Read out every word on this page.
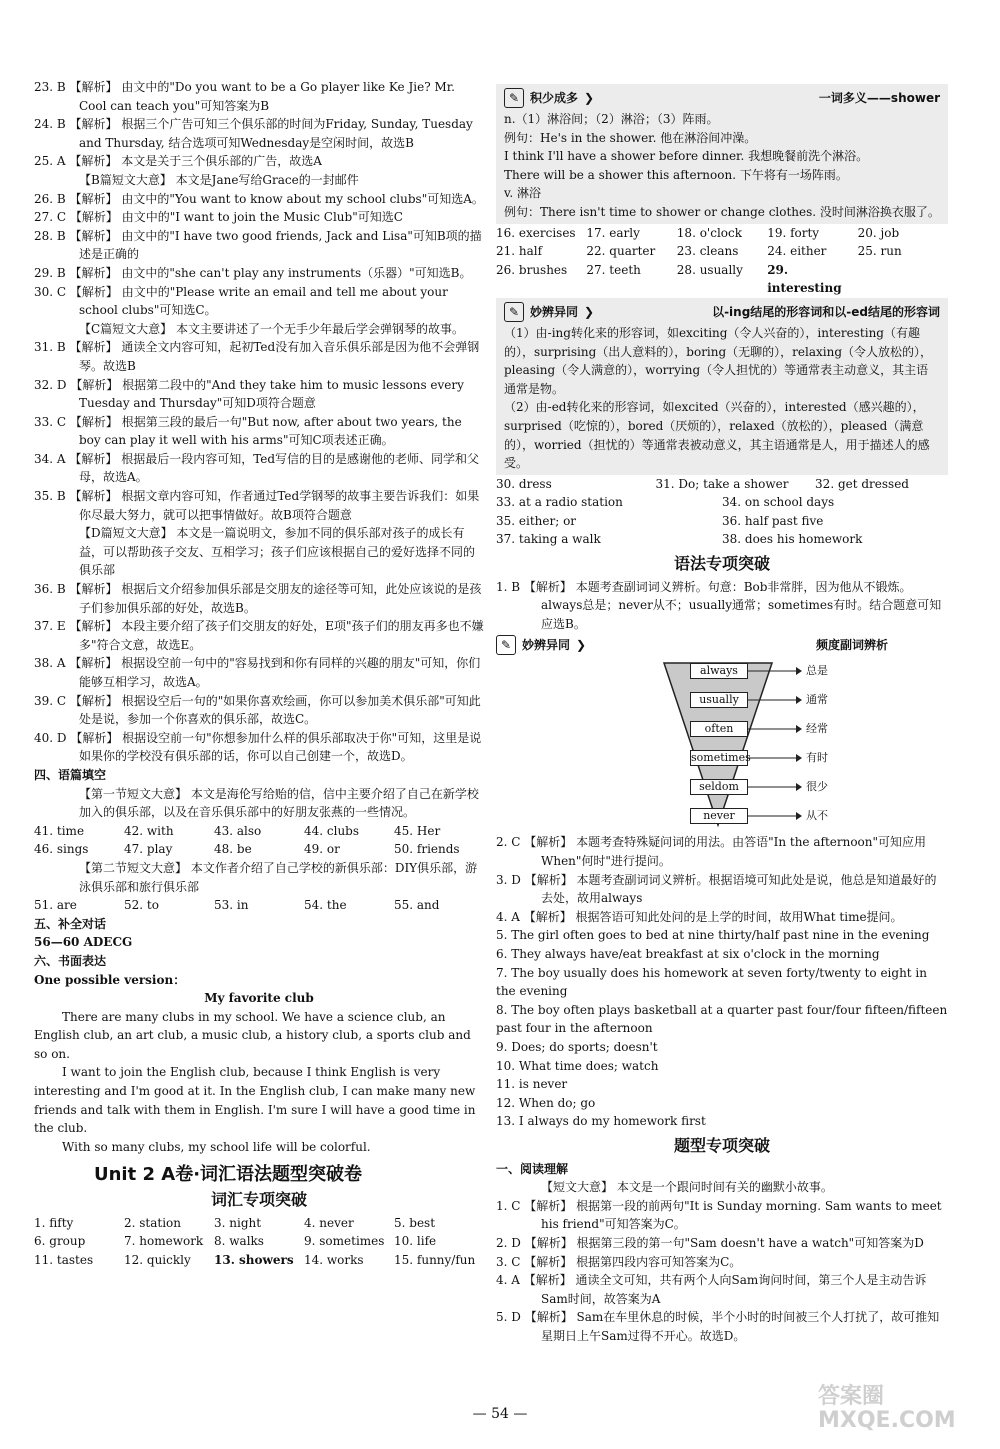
23. B 【解析】 由文中的"Do you want to be a Go player like Ke Jie? Mr. Cool can teach you"可知答案为B

24. B 【解析】 根据三个广告可知三个俱乐部的时间为Friday, Sunday, Tuesday and Thursday, 结合选项可知Wednesday是空闲时间，故选B

25. A 【解析】 本文是关于三个俱乐部的广告，故选A

【B篇短文大意】 本文是Jane写给Grace的一封邮件

26. B 【解析】 由文中的"You want to know about my school clubs"可知选A。

27. C 【解析】 由文中的"I want to join the Music Club"可知选C

28. B 【解析】 由文中的"I have two good friends, Jack and Lisa"可知B项的描述是正确的

29. B 【解析】 由文中的"she can't play any instruments（乐器）"可知选B。

30. C 【解析】 由文中的"Please write an email and tell me about your school clubs"可知选C。

【C篇短文大意】 本文主要讲述了一个无手少年最后学会弹钢琴的故事。

31. B 【解析】 通读全文内容可知，起初Ted没有加入音乐俱乐部是因为他不会弹钢琴。故选B

32. D 【解析】 根据第二段中的"And they take him to music lessons every Tuesday and Thursday"可知D项符合题意

33. C 【解析】 根据第三段的最后一句"But now, after about two years, the boy can play it well with his arms"可知C项表述正确。

34. A 【解析】 根据最后一段内容可知，Ted写信的目的是感谢他的老师、同学和父母，故选A。

35. B 【解析】 根据文章内容可知，作者通过Ted学钢琴的故事主要告诉我们：如果你尽最大努力，就可以把事情做好。故B项符合题意

【D篇短文大意】 本文是一篇说明文，参加不同的俱乐部对孩子的成长有益，可以帮助孩子交友、互相学习；孩子们应该根据自己的爱好选择不同的俱乐部

36. B 【解析】 根据后文介绍参加俱乐部是交朋友的途径等可知，此处应该说的是孩子们参加俱乐部的好处，故选B。

37. E 【解析】 本段主要介绍了孩子们交朋友的好处，E项"孩子们的朋友再多也不嫌多"符合文意，故选E。

38. A 【解析】 根据设空前一句中的"容易找到和你有同样的兴趣的朋友"可知，你们能够互相学习，故选A。

39. C 【解析】 根据设空后一句的"如果你喜欢绘画，你可以参加美术俱乐部"可知此处是说，参加一个你喜欢的俱乐部，故选C。

40. D 【解析】 根据设空前一句"你想参加什么样的俱乐部取决于你"可知，这里是说如果你的学校没有俱乐部的话，你可以自己创建一个，故选D。

四、语篇填空

【第一节短文大意】 本文是海伦写给贻的信，信中主要介绍了自己在新学校加入的俱乐部，以及在音乐俱乐部中的好朋友张燕的一些情况。

41. time	42. with	43. also	44. clubs	45. Her
46. sings	47. play	48. be	49. or	50. friends

【第二节短文大意】 本文作者介绍了自己学校的新俱乐部：DIY俱乐部，游泳俱乐部和旅行俱乐部

51. are	52. to	53. in	54. the	55. and

五、补全对话

56—60 ADECG

六、书面表达

One possible version：

My favorite club

There are many clubs in my school. We have a science club, an English club, an art club, a music club, a history club, a sports club and so on.

I want to join the English club, because I think English is very interesting and I'm good at it. In the English club, I can make many new friends and talk with them in English. I'm sure I will have a good time in the club.

With so many clubs, my school life will be colorful.

Unit 2 A卷·词汇语法题型突破卷
词汇专项突破
1. fifty	2. station	3. night	4. never	5. best
6. group	7. homework 8. walks	9. sometimes 10. life
11. tastes	12. quickly	13. showers 14. works	15. funny/fun
✎ 积少成多 ❯	一词多义——shower

n.（1）淋浴间；（2）淋浴；（3）阵雨。

例句：He's in the shower. 他在淋浴间冲澡。

I think I'll have a shower before dinner. 我想晚餐前洗个淋浴。

There will be a shower this afternoon. 下午将有一场阵雨。

v. 淋浴

例句：There isn't time to shower or change clothes. 没时间淋浴换衣服了。

16. exercises 17. early	18. o'clock	19. forty	20. job
21. half	22. quarter	23. cleans	24. either	25. run
26. brushes	27. teeth	28. usually	29. interesting
✎ 妙辨异同 ❯	以-ing结尾的形容词和以-ed结尾的形容词

（1）由-ing转化来的形容词，如exciting（令人兴奋的），interesting（有趣的），surprising（出人意料的），boring（无聊的），relaxing（令人放松的），pleasing（令人满意的），worrying（令人担忧的）等通常表主动意义，其主语通常是物。

（2）由-ed转化来的形容词，如excited（兴奋的），interested（感兴趣的），surprised（吃惊的），bored（厌烦的），relaxed（放松的），pleased（满意的），worried（担忧的）等通常表被动意义，其主语通常是人，用于描述人的感受。

30. dress	31. Do; take a shower	32. get dressed
33. at a radio station	34. on school days
35. either; or	36. half past five
37. taking a walk	38. does his homework
语法专项突破

1. B 【解析】 本题考查副词词义辨析。句意：Bob非常胖，因为他从不锻炼。always总是；never从不；usually通常；sometimes有时。结合题意可知应选B。

✎ 妙辨异同 ❯	频度副词辨析
always
usually
often
sometimes
seldom
never
总是
通常
经常
有时
很少
从不

2. C 【解析】 本题考查特殊疑问词的用法。由答语"In the afternoon"可知应用When"何时"进行提问。

3. D 【解析】 本题考查副词词义辨析。根据语境可知此处是说，他总是知道最好的去处，故用always

4. A 【解析】 根据答语可知此处问的是上学的时间，故用What time提问。

5. The girl often goes to bed at nine thirty/half past nine in the evening

6. They always have/eat breakfast at six o'clock in the morning

7. The boy usually does his homework at seven forty/twenty to eight in the evening

8. The boy often plays basketball at a quarter past four/four fifteen/fifteen past four in the afternoon

9. Does; do sports; doesn't

10. What time does; watch

11. is never

12. When do; go

13. I always do my homework first

题型专项突破

一、阅读理解

【短文大意】 本文是一个跟问时间有关的幽默小故事。

1. C 【解析】 根据第一段的前两句"It is Sunday morning. Sam wants to meet his friend"可知答案为C。

2. D 【解析】 根据第三段的第一句"Sam doesn't have a watch"可知答案为D

3. C 【解析】 根据第四段内容可知答案为C。

4. A 【解析】 通读全文可知，共有两个人向Sam询问时间，第三个人是主动告诉Sam时间，故答案为A

5. D 【解析】 Sam在车里休息的时候，半个小时的时间被三个人打扰了，故可推知星期日上午Sam过得不开心。故选D。

— 54 —
答案圈 MXQE.COM
